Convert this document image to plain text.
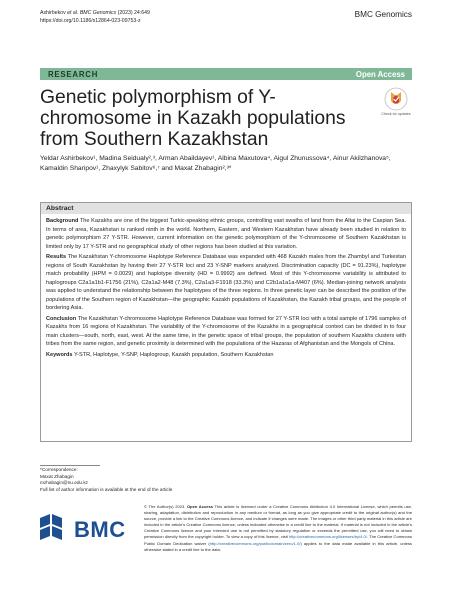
Ashirbekov et al. BMC Genomics (2023) 24:649
https://doi.org/10.1186/s12864-023-09753-z
BMC Genomics
RESEARCH	Open Access
Genetic polymorphism of Y-chromosome in Kazakh populations from Southern Kazakhstan
Check for updates
Yeldar Ashirbekov¹, Madina Seidualy²,³, Arman Abaildayev¹, Albina Maxutova⁴, Aigul Zhunussova⁴, Ainur Akilzhanova⁵, Kamaldin Sharipov¹, Zhaxylyk Sabitov⁶,⁷ and Maxat Zhabagin²,³*
Abstract

Background The Kazakhs are one of the biggest Turkic-speaking ethnic groups, controlling vast swaths of land from the Altai to the Caspian Sea. In terms of area, Kazakhstan is ranked ninth in the world. Northern, Eastern, and Western Kazakhstan have already been studied in relation to genetic polymorphism 27 Y-STR. However, current information on the genetic polymorphism of the Y-chromosome of Southern Kazakhstan is limited only by 17 Y-STR and no geographical study of other regions has been studied at this variation.

Results The Kazakhstan Y-chromosome Haplotype Reference Database was expanded with 468 Kazakh males from the Zhambyl and Turkestan regions of South Kazakhstan by having their 27 Y-STR loci and 23 Y-SNP markers analyzed. Discrimination capacity (DC = 91.23%), haplotype match probability (HPM = 0.0029) and haplotype diversity (HD = 0.9992) are defined. Most of this Y-chromosome variability is attributed to haplogroups C2a1a1b1-F1756 (21%), C2a1a2-M48 (7.3%), C2a1a3-F1918 (33.3%) and C2b1a1a1a-M407 (6%). Median-joining network analysis was applied to understand the relationship between the haplotypes of the three regions. In three genetic layer can be described the position of the populations of the Southern region of Kazakhstan—the geographic Kazakh populations of Kazakhstan, the Kazakh tribal groups, and the people of bordering Asia.

Conclusion The Kazakhstan Y-chromosome Haplotype Reference Database was formed for 27 Y-STR loci with a total sample of 1796 samples of Kazakhs from 16 regions of Kazakhstan. The variability of the Y-chromosome of the Kazakhs in a geographical context can be divided in to four main clusters—south, north, east, west. At the same time, in the genetic space of tribal groups, the population of southern Kazakhs clusters with tribes from the same region, and genetic proximity is determined with the populations of the Hazaras of Afghanistan and the Mongols of China.

Keywords Y-STR, Haplotype, Y-SNP, Haplogroup, Kazakh population, Southern Kazakhstan

*Correspondence:
Maxat Zhabagin
mzhabagin@nu.edu.kz
Full list of author information is available at the end of the article
BMC
© The Author(s) 2023. Open Access This article is licensed under a Creative Commons Attribution 4.0 International License, which permits use, sharing, adaptation, distribution and reproduction in any medium or format, as long as you give appropriate credit to the original author(s) and the source, provide a link to the Creative Commons licence, and indicate if changes were made. The images or other third party material in this article are included in the article's Creative Commons licence, unless indicated otherwise in a credit line to the material. If material is not included in the article's Creative Commons licence and your intended use is not permitted by statutory regulation or exceeds the permitted use, you will need to obtain permission directly from the copyright holder. To view a copy of this licence, visit http://creativecommons.org/licenses/by/4.0/. The Creative Commons Public Domain Dedication waiver (http://creativecommons.org/publicdomain/zero/1.0/) applies to the data made available in this article, unless otherwise stated in a credit line to the data.
